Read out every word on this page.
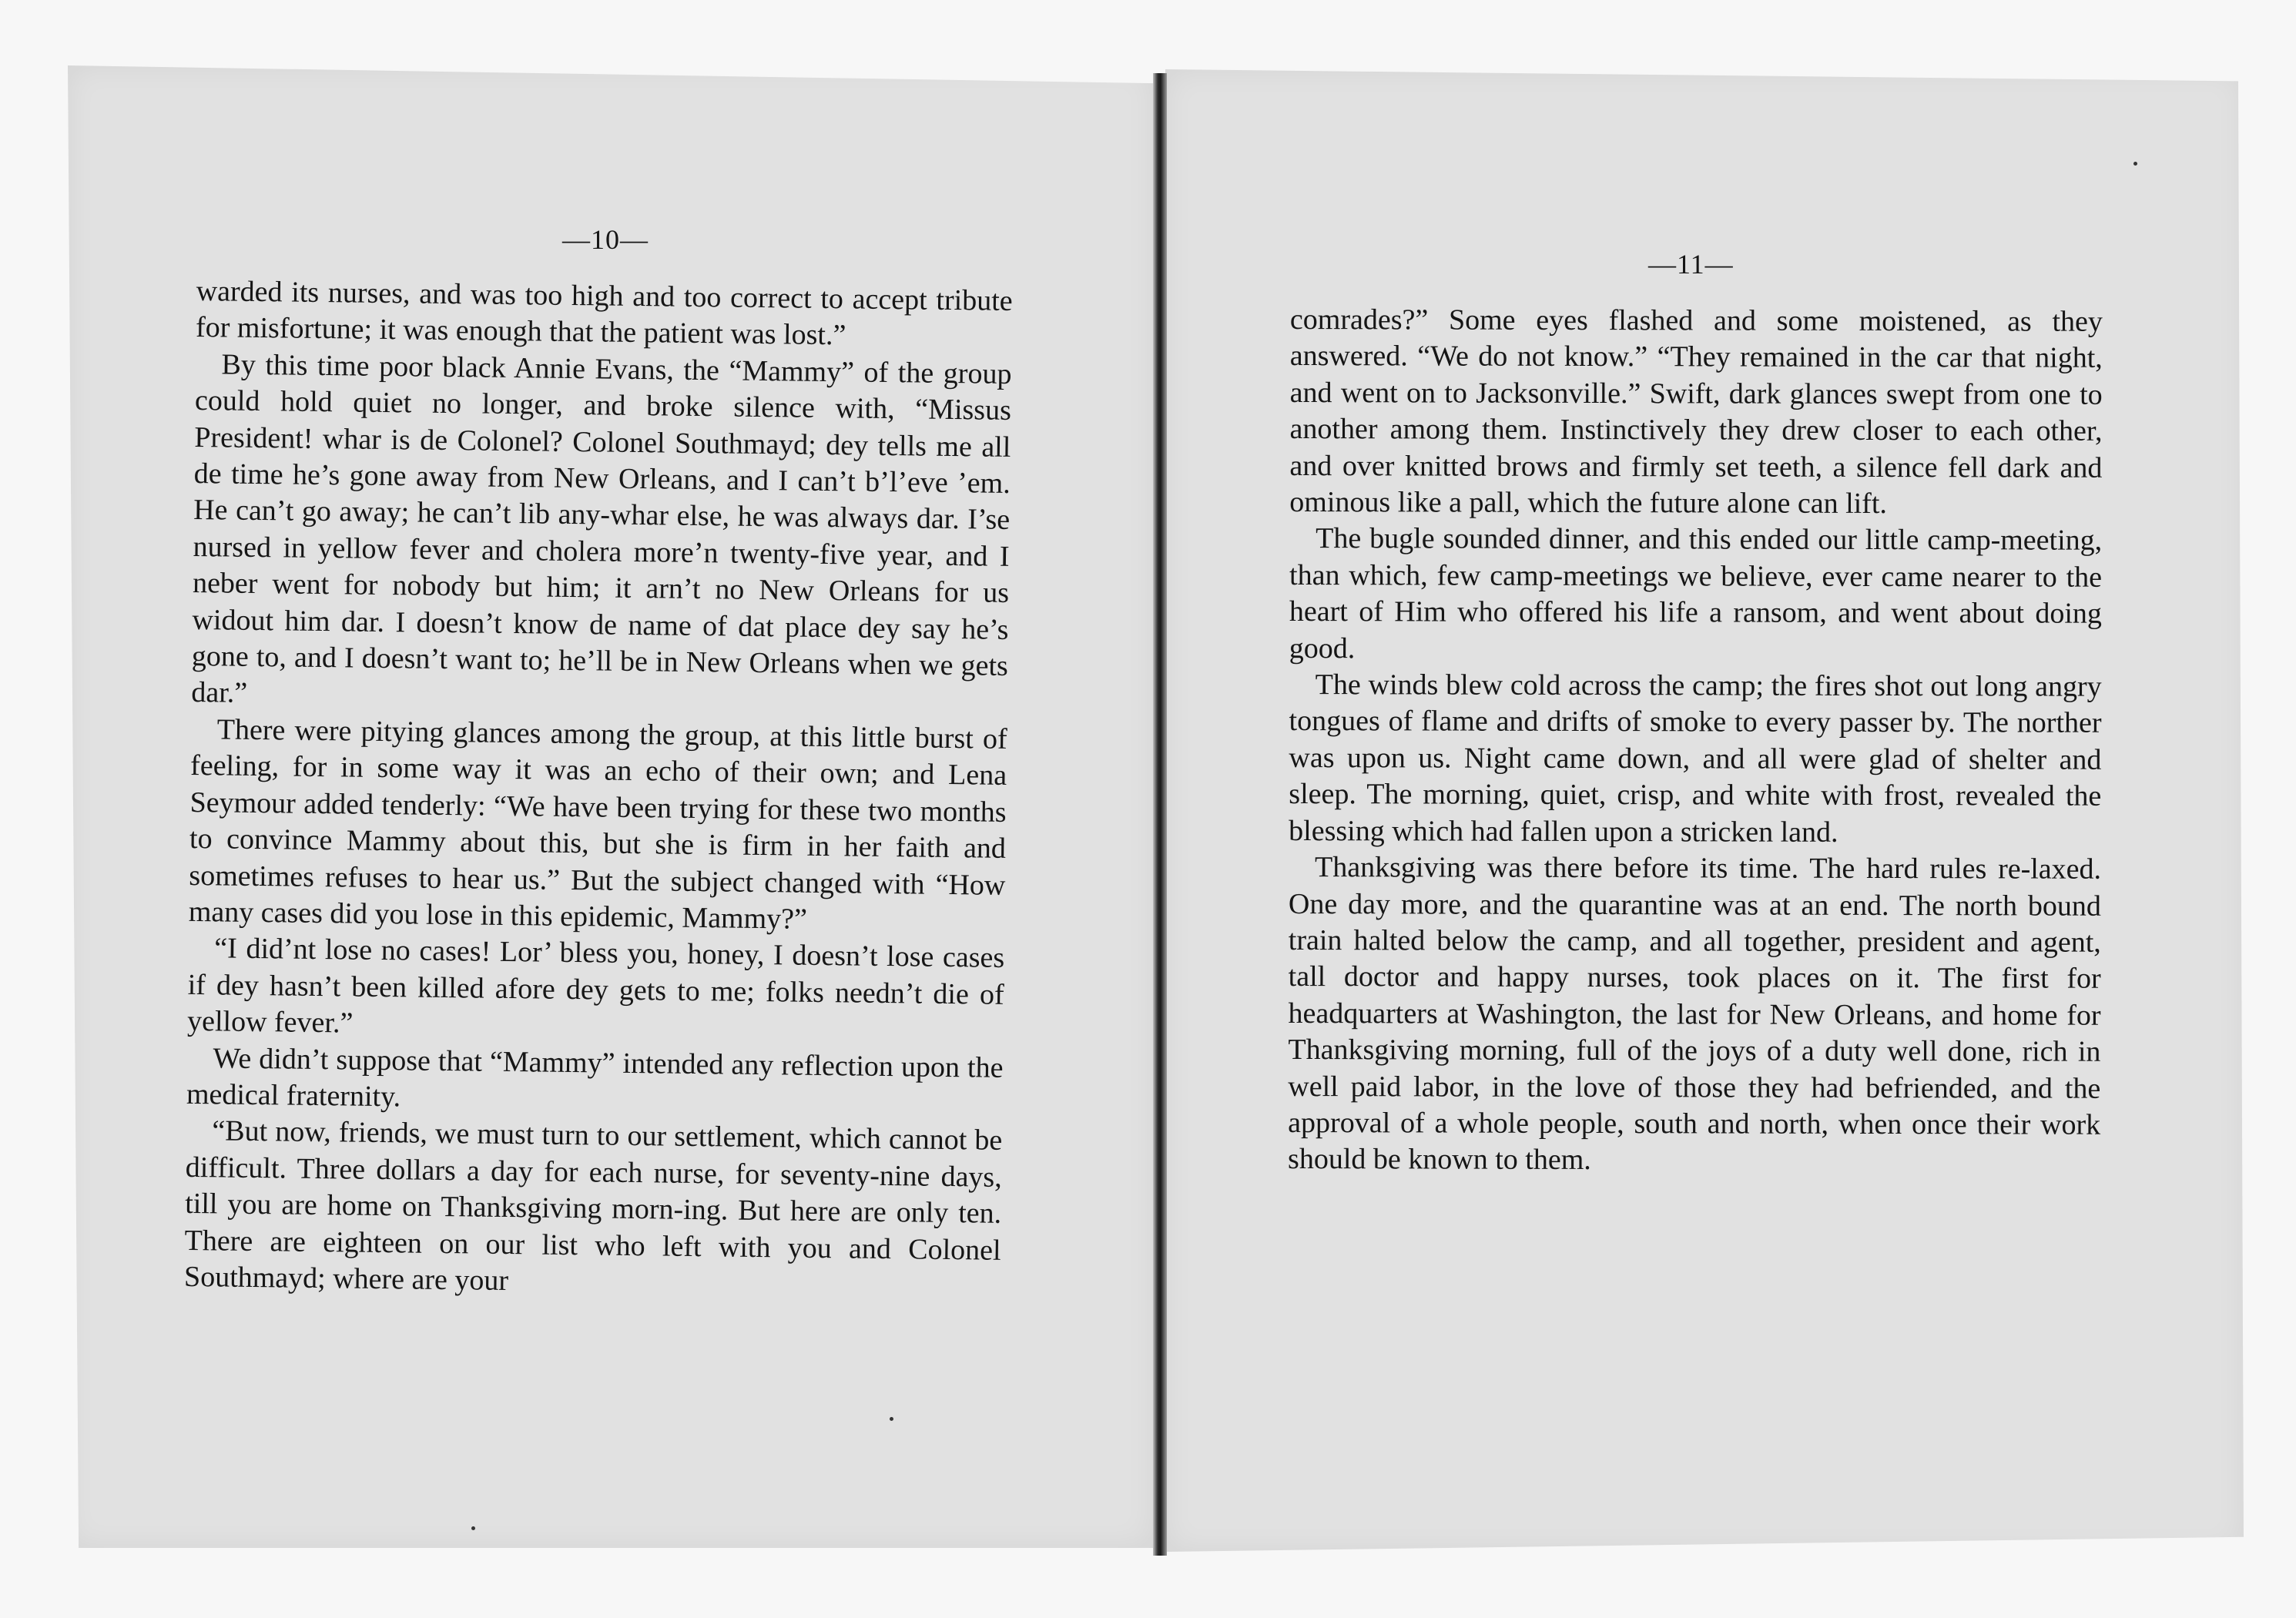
—10—
—11—

warded its nurses, and was too high and too correct to accept tribute for misfortune; it was enough that the patient was lost.”

By this time poor black Annie Evans, the “Mammy” of the group could hold quiet no longer, and broke silence with, “Missus President! whar is de Colonel? Colonel Southmayd; dey tells me all de time he’s gone away from New Orleans, and I can’t b’l’eve ’em. He can’t go away; he can’t lib any-whar else, he was always dar. I’se nursed in yellow fever and cholera more’n twenty-five year, and I neber went for nobody but him; it arn’t no New Orleans for us widout him dar. I doesn’t know de name of dat place dey say he’s gone to, and I doesn’t want to; he’ll be in New Orleans when we gets dar.”

There were pitying glances among the group, at this little burst of feeling, for in some way it was an echo of their own; and Lena Seymour added tenderly: “We have been trying for these two months to convince Mammy about this, but she is firm in her faith and sometimes refuses to hear us.” But the subject changed with “How many cases did you lose in this epidemic, Mammy?”

“I did’nt lose no cases! Lor’ bless you, honey, I doesn’t lose cases if dey hasn’t been killed afore dey gets to me; folks needn’t die of yellow fever.”

We didn’t suppose that “Mammy” intended any reflection upon the medical fraternity.

“But now, friends, we must turn to our settlement, which cannot be difficult. Three dollars a day for each nurse, for seventy-nine days, till you are home on Thanksgiving morn-ing. But here are only ten. There are eighteen on our list who left with you and Colonel Southmayd; where are your

comrades?” Some eyes flashed and some moistened, as they answered. “We do not know.” “They remained in the car that night, and went on to Jacksonville.” Swift, dark glances swept from one to another among them. Instinctively they drew closer to each other, and over knitted brows and firmly set teeth, a silence fell dark and ominous like a pall, which the future alone can lift.

The bugle sounded dinner, and this ended our little camp-meeting, than which, few camp-meetings we believe, ever came nearer to the heart of Him who offered his life a ransom, and went about doing good.

The winds blew cold across the camp; the fires shot out long angry tongues of flame and drifts of smoke to every passer by. The norther was upon us. Night came down, and all were glad of shelter and sleep. The morning, quiet, crisp, and white with frost, revealed the blessing which had fallen upon a stricken land.

Thanksgiving was there before its time. The hard rules re-laxed. One day more, and the quarantine was at an end. The north bound train halted below the camp, and all together, president and agent, tall doctor and happy nurses, took places on it. The first for headquarters at Washington, the last for New Orleans, and home for Thanksgiving morning, full of the joys of a duty well done, rich in well paid labor, in the love of those they had befriended, and the approval of a whole people, south and north, when once their work should be known to them.
